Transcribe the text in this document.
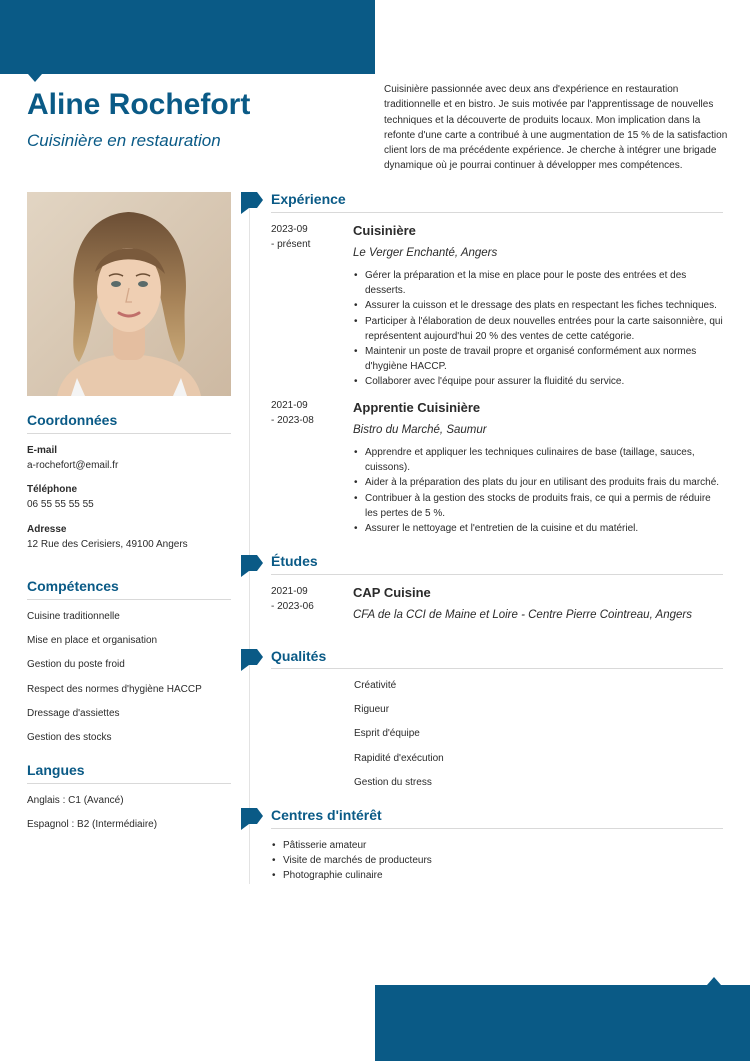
Aline Rochefort
Cuisinière en restauration

Cuisinière passionnée avec deux ans d'expérience en restauration traditionnelle et en bistro. Je suis motivée par l'apprentissage de nouvelles techniques et la découverte de produits locaux. Mon implication dans la refonte d'une carte a contribué à une augmentation de 15 % de la satisfaction client lors de ma précédente expérience. Je cherche à intégrer une brigade dynamique où je pourrai continuer à développer mes compétences.

Coordonnées
E-mail
a-rochefort@email.fr
Téléphone
06 55 55 55 55
Adresse
12 Rue des Cerisiers, 49100 Angers
Compétences
Cuisine traditionnelle
Mise en place et organisation
Gestion du poste froid
Respect des normes d'hygiène HACCP
Dressage d'assiettes
Gestion des stocks
Langues
Anglais : C1 (Avancé)
Espagnol : B2 (Intermédiaire)
Expérience
2023-09
- présent
Cuisinière
Le Verger Enchanté, Angers
• Gérer la préparation et la mise en place pour le poste des entrées et des desserts.
• Assurer la cuisson et le dressage des plats en respectant les fiches techniques.
• Participer à l'élaboration de deux nouvelles entrées pour la carte saisonnière, qui représentent aujourd'hui 20 % des ventes de cette catégorie.
• Maintenir un poste de travail propre et organisé conformément aux normes d'hygiène HACCP.
• Collaborer avec l'équipe pour assurer la fluidité du service.
2021-09
- 2023-08
Apprentie Cuisinière
Bistro du Marché, Saumur
• Apprendre et appliquer les techniques culinaires de base (taillage, sauces, cuissons).
• Aider à la préparation des plats du jour en utilisant des produits frais du marché.
• Contribuer à la gestion des stocks de produits frais, ce qui a permis de réduire les pertes de 5 %.
• Assurer le nettoyage et l'entretien de la cuisine et du matériel.
Études
2021-09
- 2023-06
CAP Cuisine
CFA de la CCI de Maine et Loire - Centre Pierre Cointreau, Angers
Qualités
Créativité
Rigueur
Esprit d'équipe
Rapidité d'exécution
Gestion du stress
Centres d'intérêt
• Pâtisserie amateur
• Visite de marchés de producteurs
• Photographie culinaire
